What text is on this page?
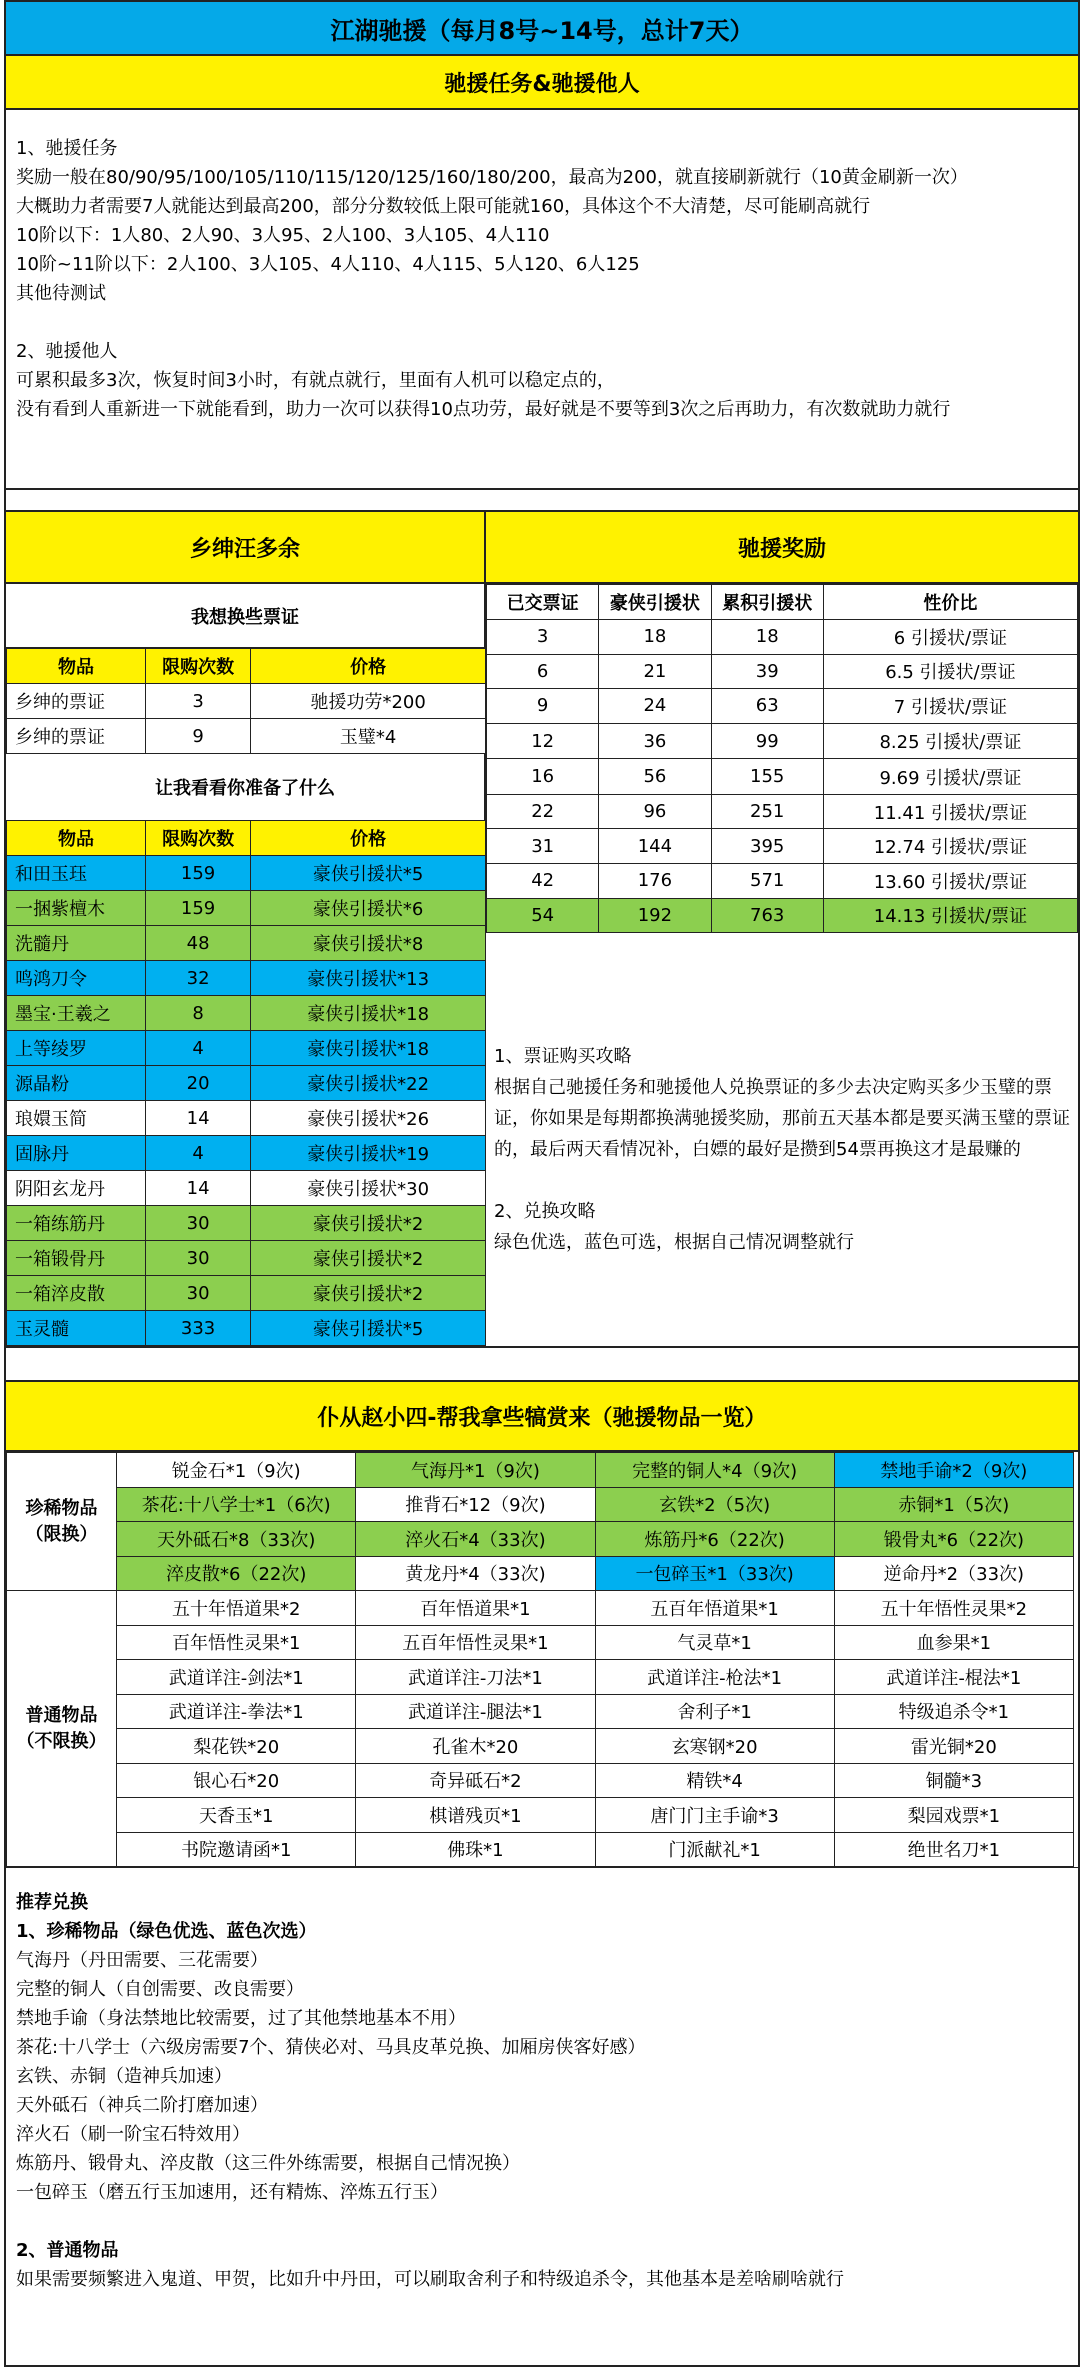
江湖驰援（每月8号~14号，总计7天）
驰援任务&驰援他人

1、驰援任务

奖励一般在80/90/95/100/105/110/115/120/125/160/180/200，最高为200，就直接刷新就行（10黄金刷新一次）

大概助力者需要7人就能达到最高200，部分分数较低上限可能就160，具体这个不大清楚，尽可能刷高就行

10阶以下：1人80、2人90、3人95、2人100、3人105、4人110

10阶~11阶以下：2人100、3人105、4人110、4人115、5人120、6人125

其他待测试

2、驰援他人

可累积最多3次，恢复时间3小时，有就点就行，里面有人机可以稳定点的，

没有看到人重新进一下就能看到，助力一次可以获得10点功劳，最好就是不要等到3次之后再助力，有次数就助力就行

乡绅汪多余
我想换些票证
物品	限购次数	价格
乡绅的票证	3	驰援功劳*200
乡绅的票证	9	玉璧*4
让我看看你准备了什么
物品	限购次数	价格
和田玉珏	159	豪侠引援状*5
一捆紫檀木	159	豪侠引援状*6
洗髓丹	48	豪侠引援状*8
鸣鸿刀令	32	豪侠引援状*13
墨宝·王羲之	8	豪侠引援状*18
上等绫罗	4	豪侠引援状*18
源晶粉	20	豪侠引援状*22
琅嬛玉简	14	豪侠引援状*26
固脉丹	4	豪侠引援状*19
阴阳玄龙丹	14	豪侠引援状*30
一箱练筋丹	30	豪侠引援状*2
一箱锻骨丹	30	豪侠引援状*2
一箱淬皮散	30	豪侠引援状*2
玉灵髓	333	豪侠引援状*5
驰援奖励
已交票证	豪侠引援状	累积引援状	性价比
3	18	18	6 引援状/票证
6	21	39	6.5 引援状/票证
9	24	63	7 引援状/票证
12	36	99	8.25 引援状/票证
16	56	155	9.69 引援状/票证
22	96	251	11.41 引援状/票证
31	144	395	12.74 引援状/票证
42	176	571	13.60 引援状/票证
54	192	763	14.13 引援状/票证
1、票证购买攻略
根据自己驰援任务和驰援他人兑换票证的多少去决定购买多少玉璧的票证，你如果是每期都换满驰援奖励，那前五天基本都是要买满玉璧的票证的，最后两天看情况补，白嫖的最好是攒到54票再换这才是最赚的
2、兑换攻略
绿色优选，蓝色可选，根据自己情况调整就行
仆从赵小四-帮我拿些犒赏来（驰援物品一览）
珍稀物品
（限换）	锐金石*1（9次)	气海丹*1（9次)	完整的铜人*4（9次)	禁地手谕*2（9次)
	茶花:十八学士*1（6次)	推背石*12（9次)	玄铁*2（5次)	赤铜*1（5次)
	天外砥石*8（33次)	淬火石*4（33次)	炼筋丹*6（22次)	锻骨丸*6（22次)
	淬皮散*6（22次)	黄龙丹*4（33次)	一包碎玉*1（33次)	逆命丹*2（33次)

普通物品
（不限换）	五十年悟道果*2	百年悟道果*1	五百年悟道果*1	五十年悟性灵果*2
	百年悟性灵果*1	五百年悟性灵果*1	气灵草*1	血参果*1
	武道详注-剑法*1	武道详注-刀法*1	武道详注-枪法*1	武道详注-棍法*1
	武道详注-拳法*1	武道详注-腿法*1	舍利子*1	特级追杀令*1
	梨花铁*20	孔雀木*20	玄寒钢*20	雷光铜*20
	银心石*20	奇异砥石*2	精铁*4	铜髓*3
	天香玉*1	棋谱残页*1	唐门门主手谕*3	梨园戏票*1
	书院邀请函*1	佛珠*1	门派献礼*1	绝世名刀*1
推荐兑换
1、珍稀物品（绿色优选、蓝色次选）
气海丹（丹田需要、三花需要）
完整的铜人（自创需要、改良需要）
禁地手谕（身法禁地比较需要，过了其他禁地基本不用）
茶花:十八学士（六级房需要7个、猜侠必对、马具皮革兑换、加厢房侠客好感）
玄铁、赤铜（造神兵加速）
天外砥石（神兵二阶打磨加速）
淬火石（刷一阶宝石特效用）
炼筋丹、锻骨丸、淬皮散（这三件外练需要，根据自己情况换）
一包碎玉（磨五行玉加速用，还有精炼、淬炼五行玉）
2、普通物品
如果需要频繁进入鬼道、甲贺，比如升中丹田，可以刷取舍利子和特级追杀令，其他基本是差啥刷啥就行
